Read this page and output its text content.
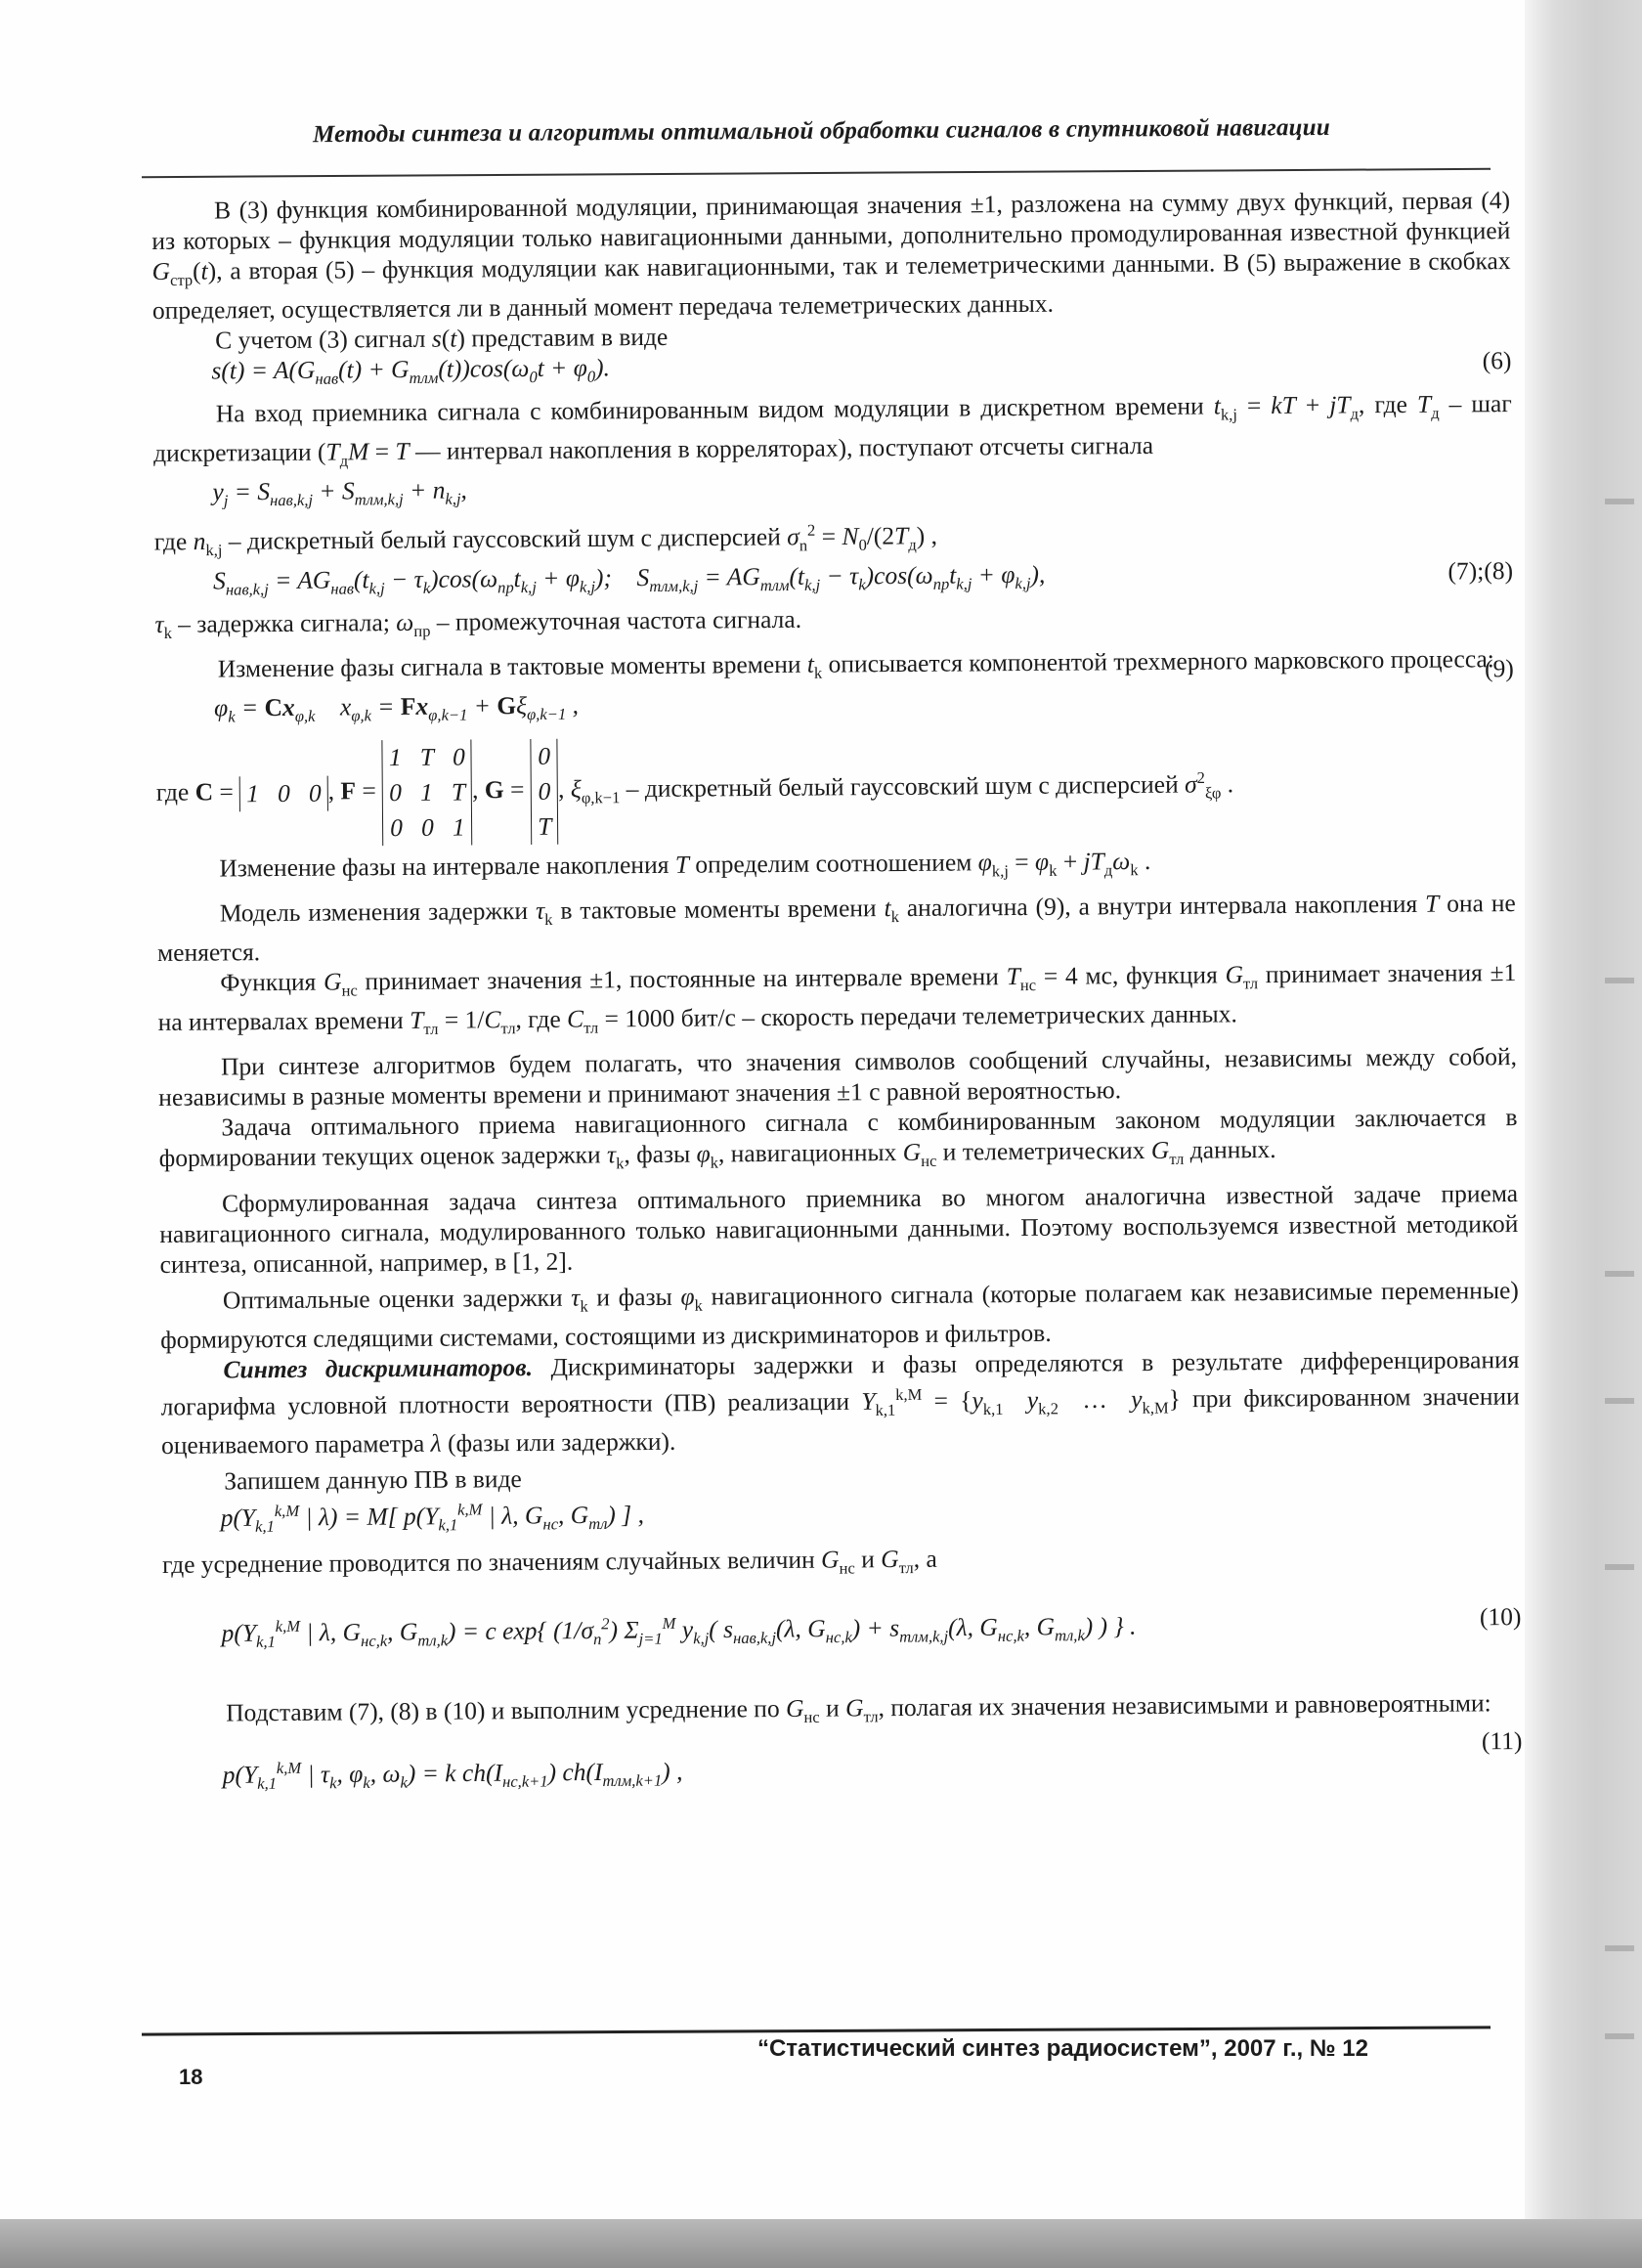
Методы синтеза и алгоритмы оптимальной обработки сигналов в спутниковой навигации

В (3) функция комбинированной модуляции, принимающая значения ±1, разложена на сумму двух функций, первая (4) из которых – функция модуляции только навигационными данными, дополнительно промодулированная известной функцией $G_{стр}(t)$, а вторая (5) – функция модуляции как навигационными, так и телеметрическими данными. В (5) выражение в скобках определяет, осуществляется ли в данный момент передача телеметрических данных.

С учетом (3) сигнал s(t) представим в виде

$s(t) = A(G_{нав}(t) + G_{тлм}(t))\cos(\omega_0t + \varphi_0)$.	(6)

На вход приемника сигнала с комбинированным видом модуляции в дискретном времени $t_{k,j}$ = kT + $jT_д$, где $T_д$ – шаг дискретизации ($T_дM = T$ — интервал накопления в корреляторах), поступают отсчеты сигнала

$y_j = S_{нав,k,j} + S_{тлм,k,j} + n_{k,j}$,

где $n_{k,j}$ – дискретный белый гауссовский шум с дисперсией $\sigma_n^2 = N_0/(2T_д)$ ,

$S_{нав,k,j} = AG_{нав}(t_{k,j} - \tau_k)\cos(\omega_{пр}t_{k,j} + \varphi_{k,j})$;    $S_{тлм,k,j} = AG_{тлм}(t_{k,j} - \tau_k)\cos(\omega_{пр}t_{k,j} + \varphi_{k,j})$,	(7);(8)

$\tau_k$ – задержка сигнала; $\omega_{пр}$ – промежуточная частота сигнала.

Изменение фазы сигнала в тактовые моменты времени $t_k$ описывается компонентой трехмерного марковского процесса:

$\varphi_k = Cx_{\varphi,k}$    $x_{\varphi,k} = Fx_{\varphi,k-1} + G\xi_{\varphi,k-1}$ ,
(9)

где C = 1   0   0 , F = 1   T   0
0   1   T
0   0   1, G = 0
0
T, $\xi_{\varphi,k-1}$ – дискретный белый гауссовский шум с дисперсией $\sigma^2_{\xi\varphi}$ .

Изменение фазы на интервале накопления T определим соотношением $\varphi_{k,j} = \varphi_k + jT_д\omega_k$ .

Модель изменения задержки $\tau_k$ в тактовые моменты времени $t_k$ аналогична (9), а внутри интервала накопления T она не меняется.

Функция $G_{нс}$ принимает значения ±1, постоянные на интервале времени $T_{нс} = 4$ мс, функция $G_{тл}$ принимает значения ±1 на интервалах времени $T_{тл} = 1/C_{тл}$, где $C_{тл} = 1000$ бит/с – скорость передачи телеметрических данных.

При синтезе алгоритмов будем полагать, что значения символов сообщений случайны, независимы между собой, независимы в разные моменты времени и принимают значения ±1 с равной вероятностью.

Задача оптимального приема навигационного сигнала с комбинированным законом модуляции заключается в формировании текущих оценок задержки $\tau_k$, фазы $\varphi_k$, навигационных $G_{нс}$ и телеметрических $G_{тл}$ данных.

Сформулированная задача синтеза оптимального приемника во многом аналогична известной задаче приема навигационного сигнала, модулированного только навигационными данными. Поэтому воспользуемся известной методикой синтеза, описанной, например, в [1, 2].

Оптимальные оценки задержки $\tau_k$ и фазы $\varphi_k$ навигационного сигнала (которые полагаем как независимые переменные) формируются следящими системами, состоящими из дискриминаторов и фильтров.

Синтез дискриминаторов. Дискриминаторы задержки и фазы определяются в результате дифференцирования логарифма условной плотности вероятности (ПВ) реализации $Y_{k,1}^{k,M} = \{y_{k,1}$ $y_{k,2}$  …  $y_{k,M}$} при фиксированном значении оцениваемого параметра λ (фазы или задержки).

Запишем данную ПВ в виде

$p(Y_{k,1}^{k,M}$ | λ) = M[ $p(Y_{k,1}^{k,M}$ | λ, $G_{нс}$, $G_{тл}$) ] ,

где усреднение проводится по значениям случайных величин $G_{нс}$ и $G_{тл}$, а

$p(Y_{k,1}^{k,M}$ | λ, $G_{нс,k}$, $G_{тл,k}) = c$ exp{ $(1/\sigma_n^2)$ $\Sigma_{j=1}^M$ $y_{k,j}$( $s_{нав,k,j}(\lambda$, $G_{нс,k}) + s_{тлм,k,j}(\lambda$, $G_{нс,k}$, $G_{тл,k}$) ) } .	(10)

Подставим (7), (8) в (10) и выполним усреднение по $G_{нс}$ и $G_{тл}$, полагая их значения независимыми и равновероятными:

$p(Y_{k,1}^{k,M}$ | $\tau_k$, $\varphi_k$, $\omega_k) = k$ $ch(I_{нс,k+1})$ $ch(I_{тлм,k+1})$ ,
(11)
“Статистический синтез радиосистем”, 2007 г., № 12
18
